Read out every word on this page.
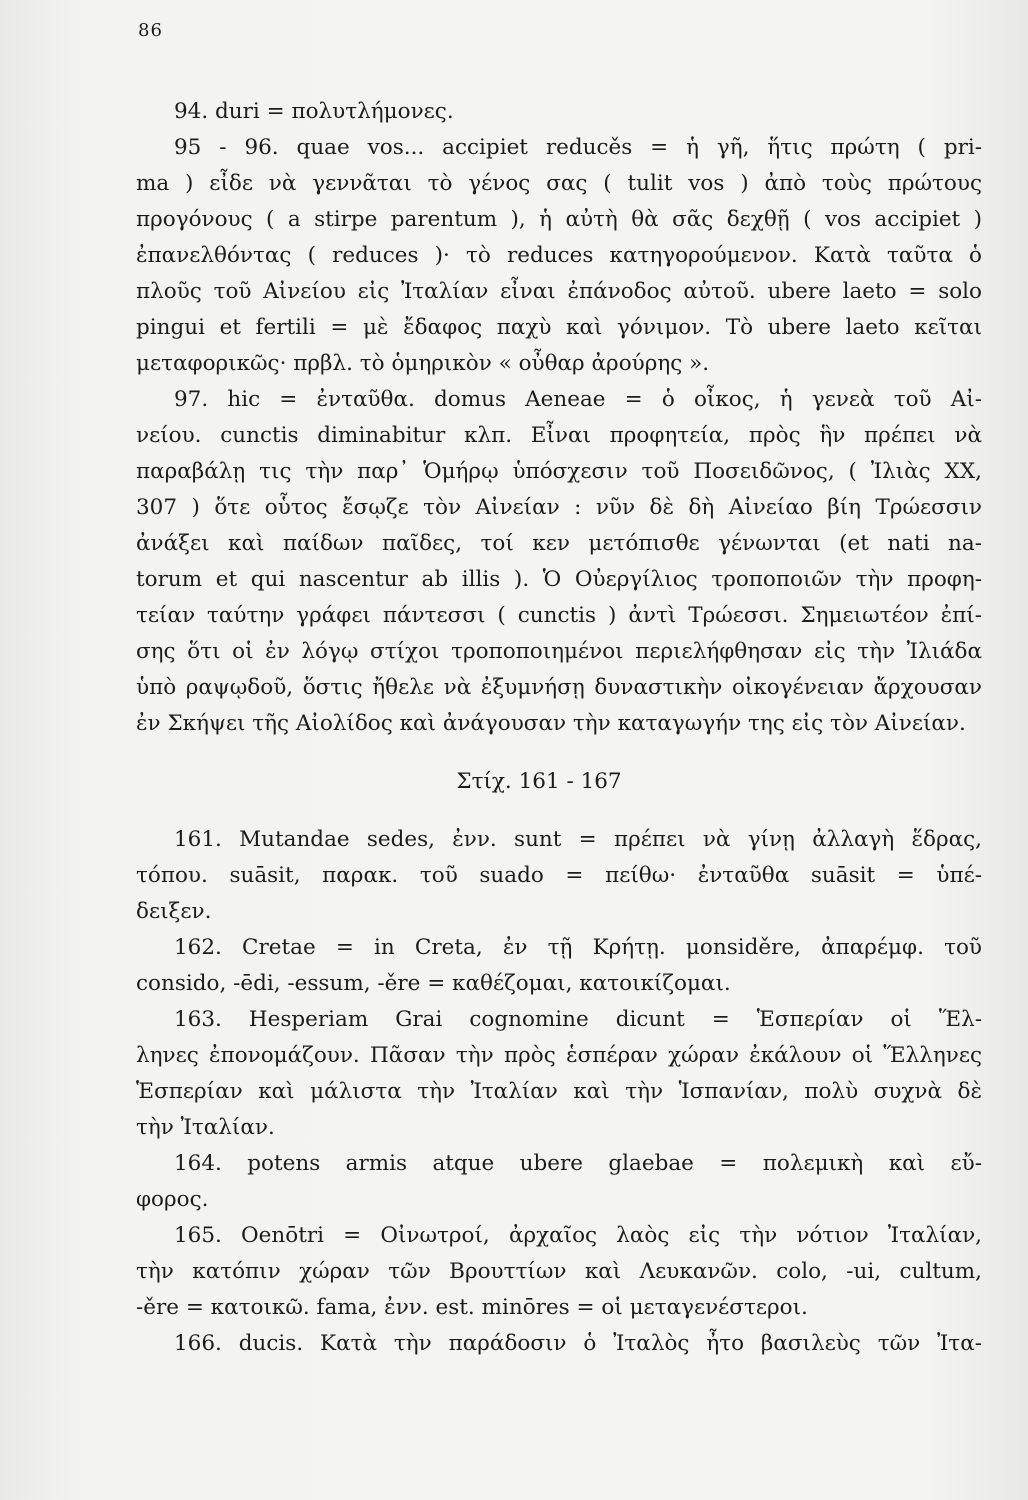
86
94. duri = πολυτλήμονες.
95 - 96. quae vos... accipiet reducěs = ἡ γῆ, ἥτις πρώτη ( pri-
ma ) εἶδε νὰ γεννᾶται τὸ γένος σας ( tulit vos ) ἀπὸ τοὺς πρώτους
προγόνους ( a stirpe parentum ), ἡ αὐτὴ θὰ σᾶς δεχθῇ ( vos accipiet )
ἐπανελθόντας ( reduces )· τὸ reduces κατηγορούμενον. Κατὰ ταῦτα ὁ
πλοῦς τοῦ Αἰνείου εἰς Ἰταλίαν εἶναι ἐπάνοδος αὐτοῦ. ubere laeto = solo
pingui et fertili = μὲ ἔδαφος παχὺ καὶ γόνιμον. Τὸ ubere laeto κεῖται
μεταφορικῶς· πρβλ. τὸ ὁμηρικὸν « οὖθαρ ἀρούρης ».
97. hic = ἐνταῦθα. domus Aeneae = ὁ οἶκος, ἡ γενεὰ τοῦ Αἰ-
νείου. cunctis diminabitur κλπ. Εἶναι προφητεία, πρὸς ἣν πρέπει νὰ
παραβάλῃ τις τὴν παρ᾽ Ὁμήρῳ ὑπόσχεσιν τοῦ Ποσειδῶνος, ( Ἰλιὰς XX,
307 ) ὅτε οὗτος ἔσῳζε τὸν Αἰνείαν : νῦν δὲ δὴ Αἰνείαο βίη Τρώεσσιν
ἀνάξει καὶ παίδων παῖδες, τοί κεν μετόπισθε γένωνται (et nati na-
torum et qui nascentur ab illis ). Ὁ Οὐεργίλιος τροποποιῶν τὴν προφη-
τείαν ταύτην γράφει πάντεσσι ( cunctis ) ἀντὶ Τρώεσσι. Σημειωτέον ἐπί-
σης ὅτι οἱ ἐν λόγῳ στίχοι τροποποιημένοι περιελήφθησαν εἰς τὴν Ἰλιάδα
ὑπὸ ραψῳδοῦ, ὅστις ἤθελε νὰ ἐξυμνήσῃ δυναστικὴν οἰκογένειαν ἄρχουσαν
ἐν Σκήψει τῆς Αἰολίδος καὶ ἀνάγουσαν τὴν καταγωγήν της εἰς τὸν Αἰνείαν.
Στίχ. 161 - 167
161. Mutandae sedes, ἐνν. sunt = πρέπει νὰ γίνῃ ἀλλαγὴ ἕδρας,
τόπου. suāsit, παρακ. τοῦ suado = πείθω· ἐνταῦθα suāsit = ὑπέ-
δειξεν.
162. Cretae = in Creta, ἐν τῇ Κρήτῃ. μonsiděre, ἀπαρέμφ. τοῦ
consido, -ēdi, -essum, -ěre = καθέζομαι, κατοικίζομαι.
163. Hesperiam Grai cognomine dicunt = Ἑσπερίαν οἱ Ἕλ-
ληνες ἐπονομάζουν. Πᾶσαν τὴν πρὸς ἑσπέραν χώραν ἐκάλουν οἱ Ἕλληνες
Ἑσπερίαν καὶ μάλιστα τὴν Ἰταλίαν καὶ τὴν Ἱσπανίαν, πολὺ συχνὰ δὲ
τὴν Ἰταλίαν.
164. potens armis atque ubere glaebae = πολεμικὴ καὶ εὔ-
φορος.
165. Oenōtri = Οἰνωτροί, ἀρχαῖος λαὸς εἰς τὴν νότιον Ἰταλίαν,
τὴν κατόπιν χώραν τῶν Βρουττίων καὶ Λευκανῶν. colo, -ui, cultum,
-ěre = κατοικῶ. fama, ἐνν. est. minōres = οἱ μεταγενέστεροι.
166. ducis. Κατὰ τὴν παράδοσιν ὁ Ἰταλὸς ἦτο βασιλεὺς τῶν Ἰτα-
